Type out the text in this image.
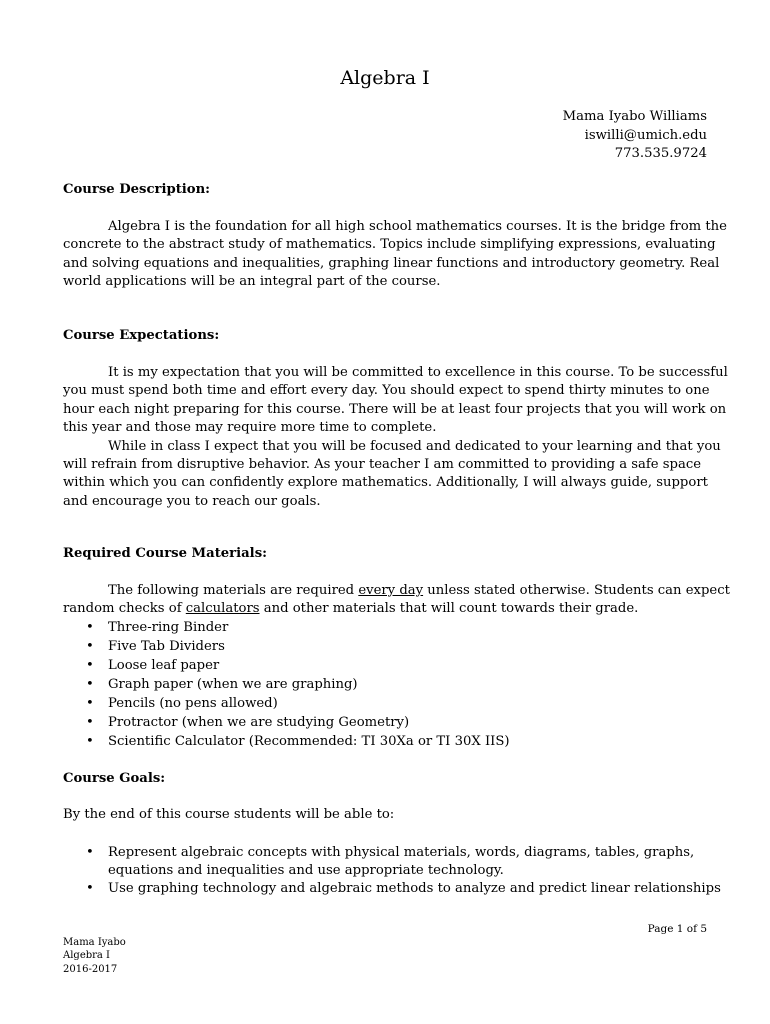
Algebra I
Mama Iyabo Williams
iswilli@umich.edu
773.535.9724
Course Description:
Algebra I is the foundation for all high school mathematics courses. It is the bridge from the
concrete to the abstract study of mathematics. Topics include simplifying expressions, evaluating
and solving equations and inequalities, graphing linear functions and introductory geometry. Real
world applications will be an integral part of the course.
Course Expectations:
It is my expectation that you will be committed to excellence in this course. To be successful
you must spend both time and effort every day. You should expect to spend thirty minutes to one
hour each night preparing for this course. There will be at least four projects that you will work on
this year and those may require more time to complete.
While in class I expect that you will be focused and dedicated to your learning and that you
will refrain from disruptive behavior. As your teacher I am committed to providing a safe space
within which you can confidently explore mathematics. Additionally, I will always guide, support
and encourage you to reach our goals.
Required Course Materials:
The following materials are required every day unless stated otherwise. Students can expect
random checks of calculators and other materials that will count towards their grade.
• Three-ring Binder
• Five Tab Dividers
• Loose leaf paper
• Graph paper (when we are graphing)
• Pencils (no pens allowed)
• Protractor (when we are studying Geometry)
• Scientific Calculator (Recommended: TI 30Xa or TI 30X IIS)
Course Goals:
By the end of this course students will be able to:
• Represent algebraic concepts with physical materials, words, diagrams, tables, graphs,
equations and inequalities and use appropriate technology.
• Use graphing technology and algebraic methods to analyze and predict linear relationships
Page 1 of 5
Mama Iyabo
Algebra I
2016-2017
